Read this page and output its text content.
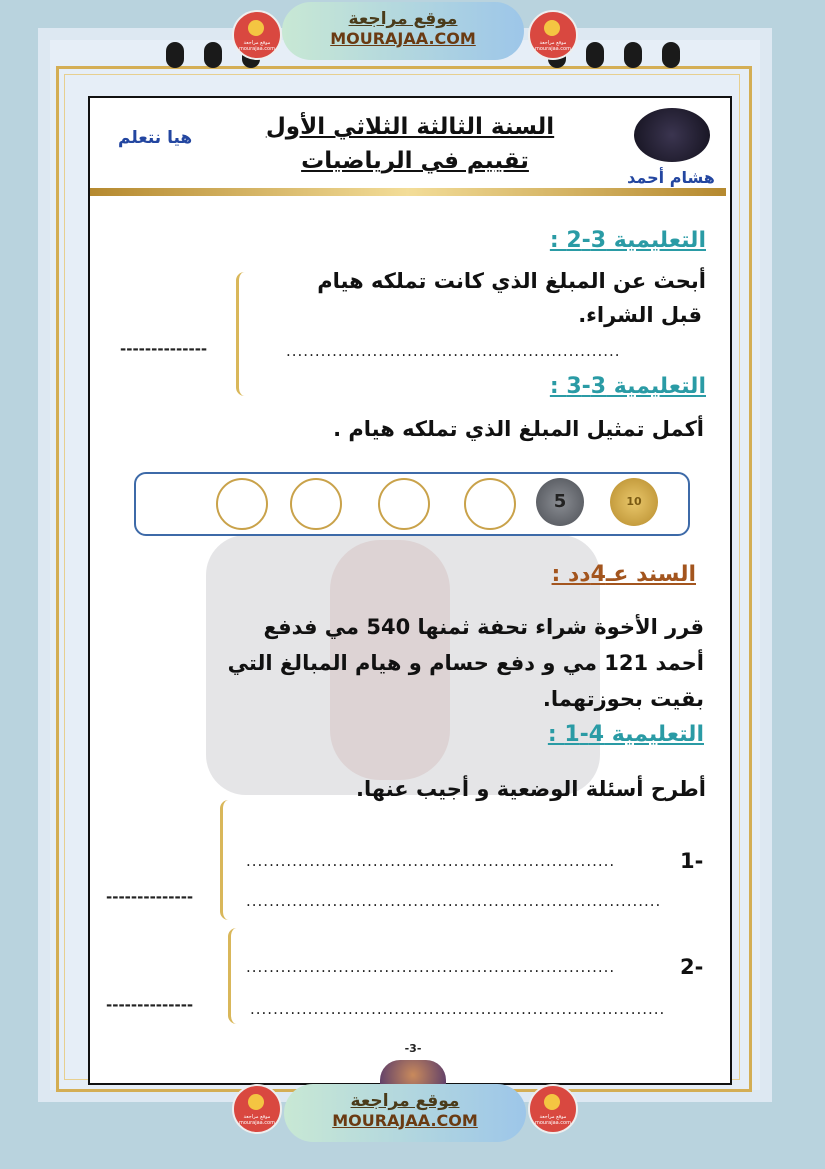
السنة الثالثة الثلاثي الأول
تقييم في الرياضيات
هيا نتعلم
هشام أحمد
التعليمية 3-2 :
أبحث عن المبلغ الذي كانت تملكه هيام
قبل الشراء.
..........................................................
--------------
التعليمية 3-3 :
أكمل تمثيل المبلغ الذي تملكه هيام .
5	10
السند عـ4دد :
قرر الأخوة شراء تحفة ثمنها 540 مي فدفع
أحمد 121 مي و دفع حسام و هيام المبالغ التي
بقيت بحوزتهما.
التعليمية 4-1 :
أطرح أسئلة الوضعية و أجيب عنها.
1-
................................................................
........................................................................
--------------
2-
................................................................
........................................................................
--------------
-3-
موقع مراجعة mourajaa.com
موقع مراجعة
MOURAJAA.COM	موقع مراجعة mourajaa.com
موقع مراجعة mourajaa.com
موقع مراجعة
MOURAJAA.COM	موقع مراجعة mourajaa.com
